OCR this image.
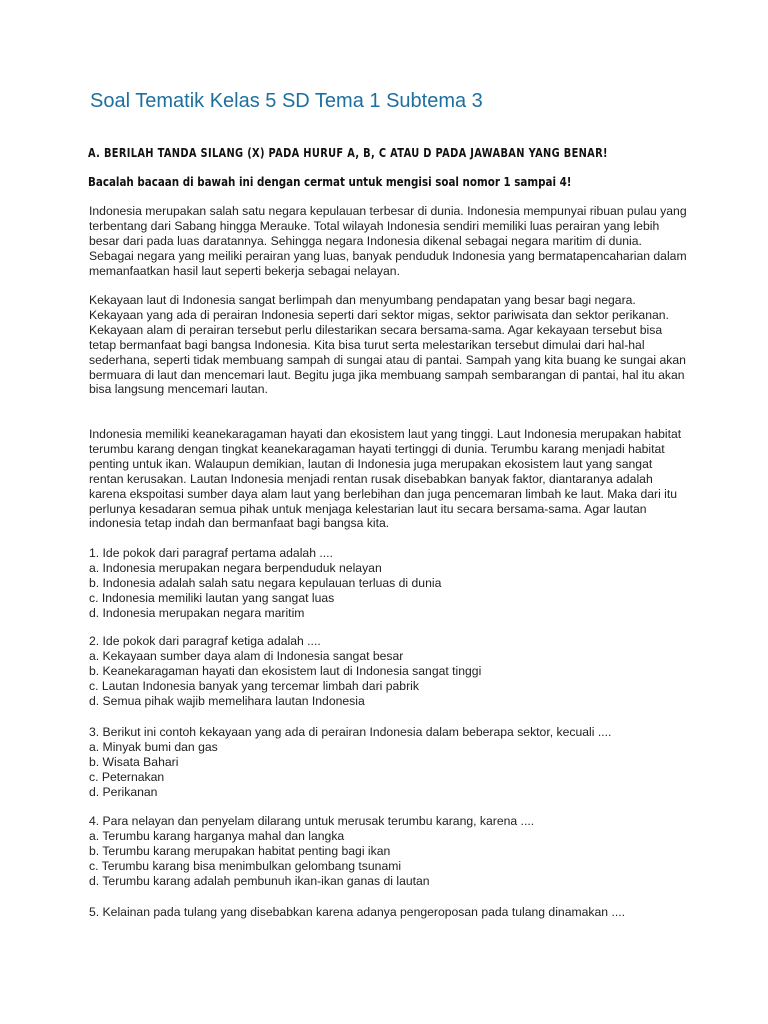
Soal Tematik Kelas 5 SD Tema 1 Subtema 3

A. BERILAH TANDA SILANG (X) PADA HURUF A, B, C ATAU D PADA JAWABAN YANG BENAR!

Bacalah bacaan di bawah ini dengan cermat untuk mengisi soal nomor 1 sampai 4!

Indonesia merupakan salah satu negara kepulauan terbesar di dunia. Indonesia mempunyai ribuan pulau yang terbentang dari Sabang hingga Merauke. Total wilayah Indonesia sendiri memiliki luas perairan yang lebih besar dari pada luas daratannya. Sehingga negara Indonesia dikenal sebagai negara maritim di dunia. Sebagai negara yang meiliki perairan yang luas, banyak penduduk Indonesia yang bermatapencaharian dalam memanfaatkan hasil laut seperti bekerja sebagai nelayan.

Kekayaan laut di Indonesia sangat berlimpah dan menyumbang pendapatan yang besar bagi negara. Kekayaan yang ada di perairan Indonesia seperti dari sektor migas, sektor pariwisata dan sektor perikanan. Kekayaan alam di perairan tersebut perlu dilestarikan secara bersama-sama. Agar kekayaan tersebut bisa tetap bermanfaat bagi bangsa Indonesia. Kita bisa turut serta melestarikan tersebut dimulai dari hal-hal sederhana, seperti tidak membuang sampah di sungai atau di pantai. Sampah yang kita buang ke sungai akan bermuara di laut dan mencemari laut. Begitu juga jika membuang sampah sembarangan di pantai, hal itu akan bisa langsung mencemari lautan.

Indonesia memiliki keanekaragaman hayati dan ekosistem laut yang tinggi. Laut Indonesia merupakan habitat terumbu karang dengan tingkat keanekaragaman hayati tertinggi di dunia. Terumbu karang menjadi habitat penting untuk ikan. Walaupun demikian, lautan di Indonesia juga merupakan ekosistem laut yang sangat rentan kerusakan. Lautan Indonesia menjadi rentan rusak disebabkan banyak faktor, diantaranya adalah karena ekspoitasi sumber daya alam laut yang berlebihan dan juga pencemaran limbah ke laut. Maka dari itu perlunya kesadaran semua pihak untuk menjaga kelestarian laut itu secara bersama-sama. Agar lautan indonesia tetap indah dan bermanfaat bagi bangsa kita.

1. Ide pokok dari paragraf pertama adalah ....
a. Indonesia merupakan negara berpenduduk nelayan
b. Indonesia adalah salah satu negara kepulauan terluas di dunia
c. Indonesia memiliki lautan yang sangat luas
d. Indonesia merupakan negara maritim
2. Ide pokok dari paragraf ketiga adalah ....
a. Kekayaan sumber daya alam di Indonesia sangat besar
b. Keanekaragaman hayati dan ekosistem laut di Indonesia sangat tinggi
c. Lautan Indonesia banyak yang tercemar limbah dari pabrik
d. Semua pihak wajib memelihara lautan Indonesia
3. Berikut ini contoh kekayaan yang ada di perairan Indonesia dalam beberapa sektor, kecuali ....
a. Minyak bumi dan gas
b. Wisata Bahari
c. Peternakan
d. Perikanan
4. Para nelayan dan penyelam dilarang untuk merusak terumbu karang, karena ....
a. Terumbu karang harganya mahal dan langka
b. Terumbu karang merupakan habitat penting bagi ikan
c. Terumbu karang bisa menimbulkan gelombang tsunami
d. Terumbu karang adalah pembunuh ikan-ikan ganas di lautan
5. Kelainan pada tulang yang disebabkan karena adanya pengeroposan pada tulang dinamakan ....
